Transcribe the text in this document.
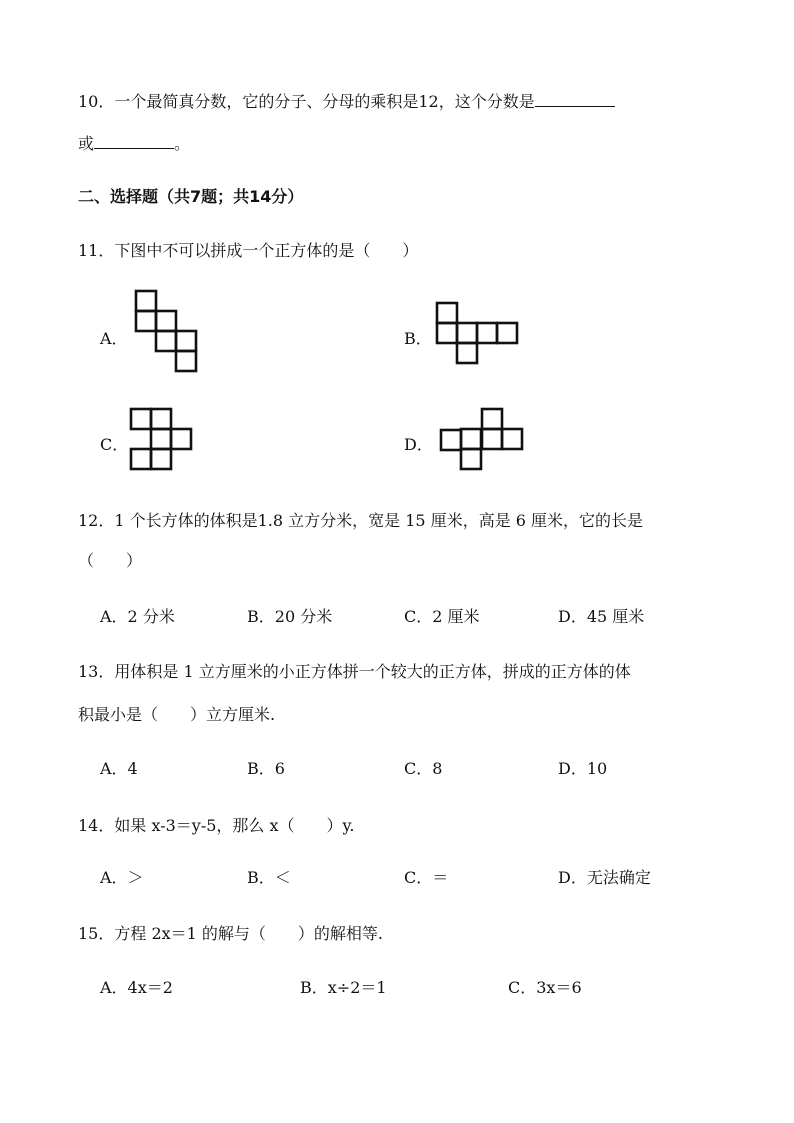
10．一个最简真分数，它的分子、分母的乘积是12，这个分数是
或	。
二、选择题（共7题；共14分）
11．下图中不可以拼成一个正方体的是（　　）
A．	B．
C．	D．
12．1 个长方体的体积是1.8 立方分米，宽是 15 厘米，高是 6 厘米，它的长是
（　　）
A．2 分米	B．20 分米	C．2 厘米	D．45 厘米
13．用体积是 1 立方厘米的小正方体拼一个较大的正方体，拼成的正方体的体
积最小是（　　）立方厘米.
A．4	B．6	C．8	D．10
14．如果 x-3＝y-5，那么 x（　　）y.
A．＞	B．＜	C．＝	D．无法确定
15．方程 2x＝1 的解与（　　）的解相等.
A．4x＝2	B．x÷2＝1	C．3x＝6
